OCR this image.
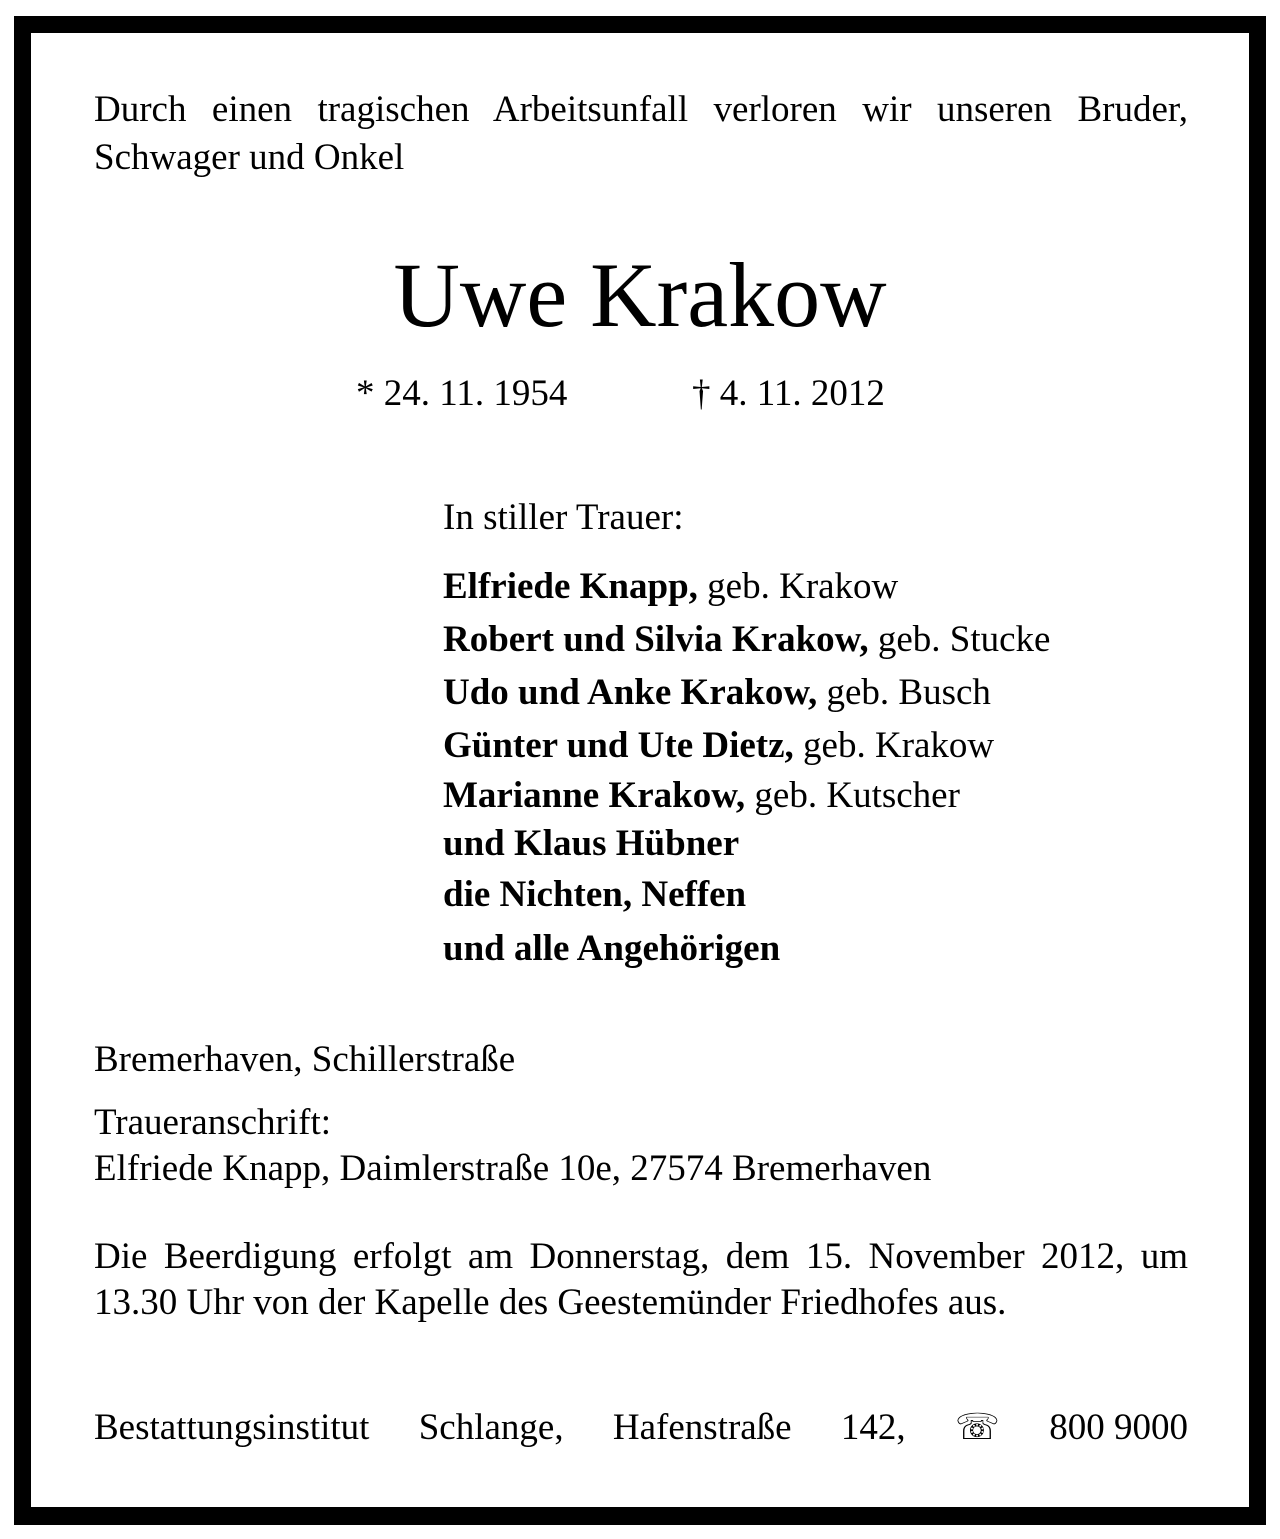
Durch einen tragischen Arbeitsunfall verloren wir unseren Bruder, Schwager und Onkel

Uwe Krakow
* 24. 11. 1954	† 4. 11. 2012
In stiller Trauer:
Elfriede Knapp, geb. Krakow
Robert und Silvia Krakow, geb. Stucke
Udo und Anke Krakow, geb. Busch
Günter und Ute Dietz, geb. Krakow
Marianne Krakow, geb. Kutscher
und Klaus Hübner
die Nichten, Neffen
und alle Angehörigen
Bremerhaven, Schillerstraße
Traueranschrift:
Elfriede Knapp, Daimlerstraße 10e, 27574 Bremerhaven

Die Beerdigung erfolgt am Donnerstag, dem 15. November 2012, um 13.30 Uhr von der Kapelle des Geestemünder Friedhofes aus.

Bestattungsinstitut Schlange, Hafenstraße 142, ☏ 800 9000
